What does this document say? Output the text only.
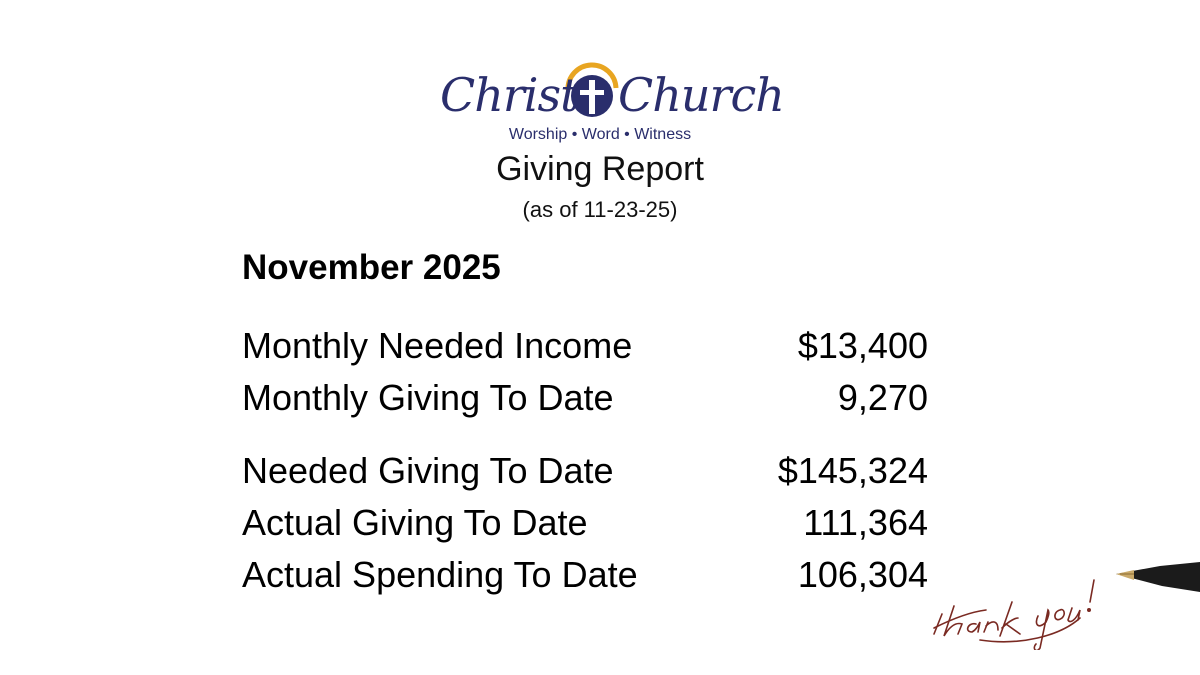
Christ Church
Worship • Word • Witness
Giving Report
(as of 11-23-25)
November 2025
Monthly Needed Income	$13,400
Monthly Giving To Date	9,270
Needed Giving To Date	$145,324
Actual Giving To Date	111,364
Actual Spending To Date	106,304
